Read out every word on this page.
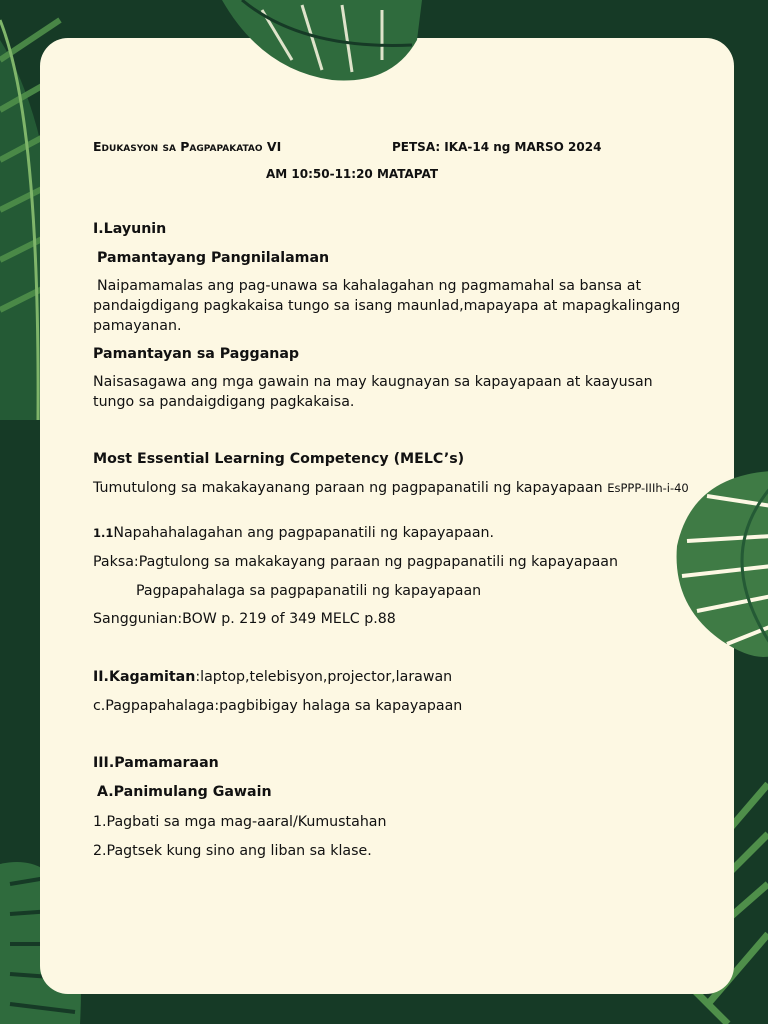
Edukasyon sa Pagpapakatao VI	PETSA: IKA-14 ng MARSO 2024
AM 10:50-11:20 MATAPAT
I.Layunin
Pamantayang Pangnilalaman
Naipamamalas ang pag-unawa sa kahalagahan ng pagmamahal sa bansa at pandaigdigang pagkakaisa tungo sa isang maunlad,mapayapa at mapagkalingang pamayanan.
Pamantayan sa Pagganap
Naisasagawa ang mga gawain na may kaugnayan sa kapayapaan at kaayusan tungo sa pandaigdigang pagkakaisa.
Most Essential Learning Competency (MELC’s)
Tumutulong sa makakayanang paraan ng pagpapanatili ng kapayapaan EsPPP-IIIh-i-40
1.1Napahahalagahan ang pagpapanatili ng kapayapaan.
Paksa:Pagtulong sa makakayang paraan ng pagpapanatili ng kapayapaan
Pagpapahalaga sa pagpapanatili ng kapayapaan
Sanggunian:BOW p. 219 of 349 MELC p.88
II.Kagamitan:laptop,telebisyon,projector,larawan
c.Pagpapahalaga:pagbibigay halaga sa kapayapaan
III.Pamamaraan
A.Panimulang Gawain
1.Pagbati sa mga mag-aaral/Kumustahan
2.Pagtsek kung sino ang liban sa klase.
